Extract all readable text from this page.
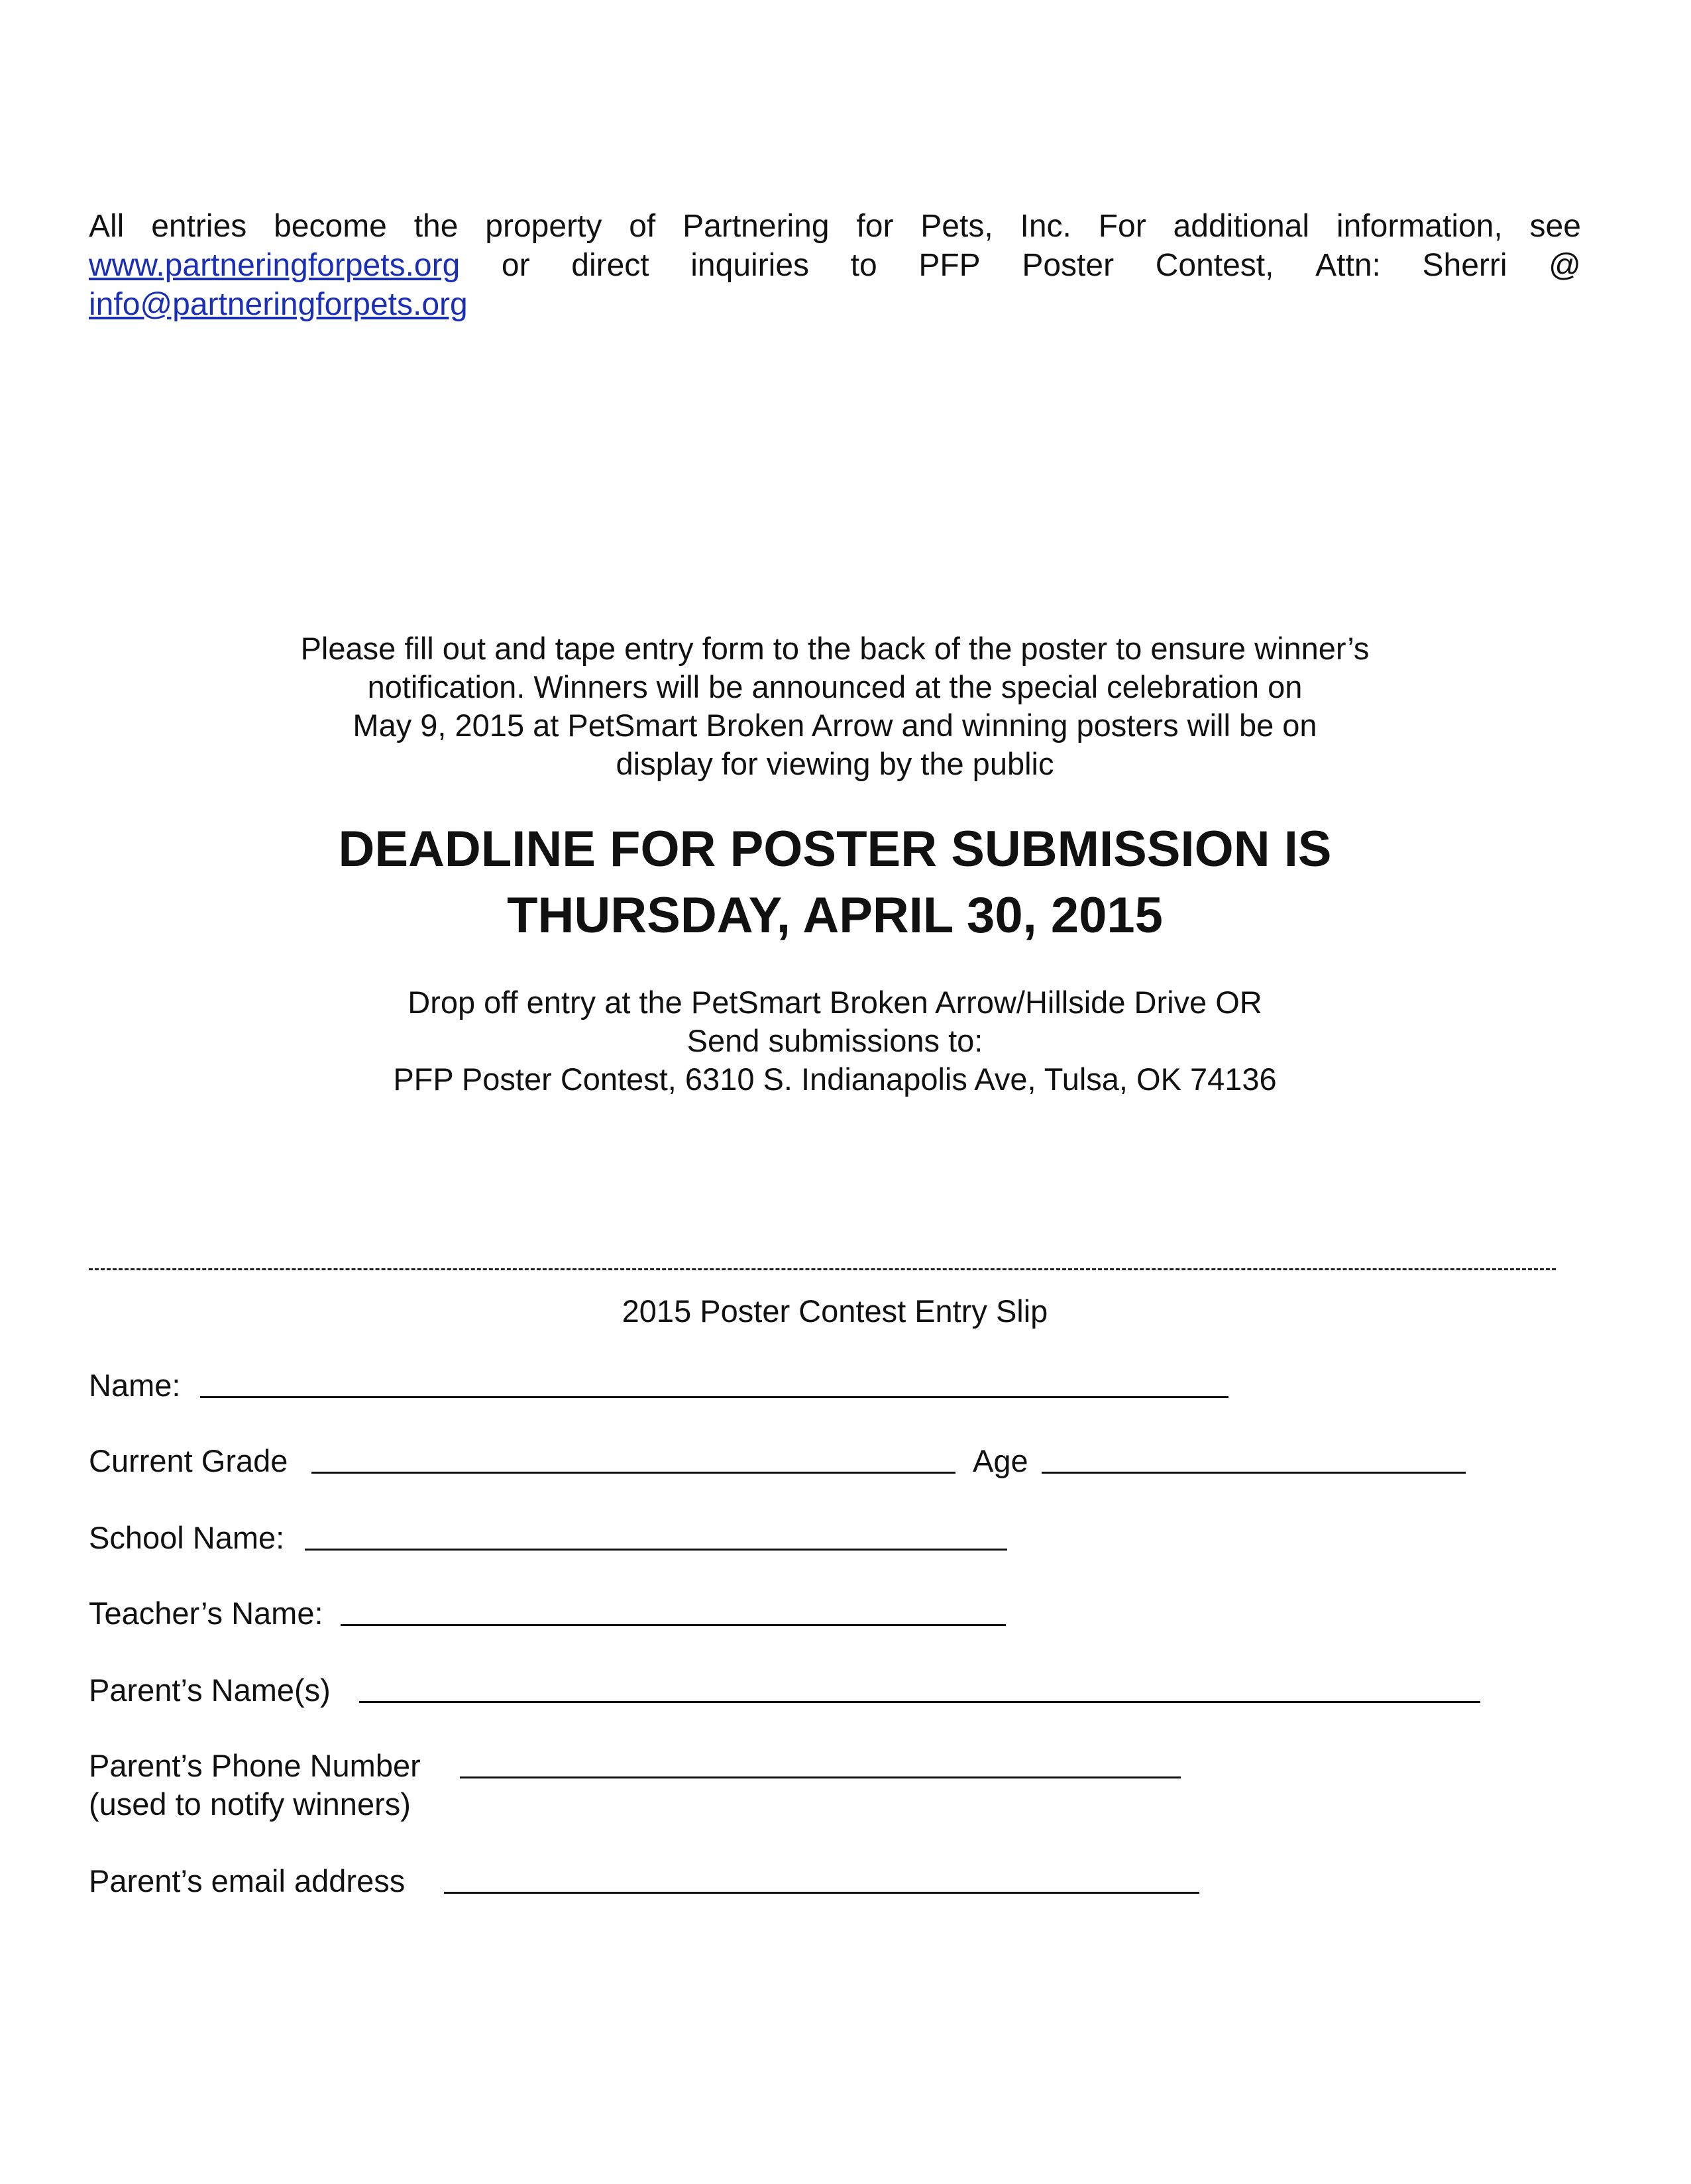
All entries become the property of Partnering for Pets, Inc. For additional information, see
www.partneringforpets.org or direct inquiries to PFP Poster Contest, Attn: Sherri @
info@partneringforpets.org
Please fill out and tape entry form to the back of the poster to ensure winner’s
notification. Winners will be announced at the special celebration on
May 9, 2015 at PetSmart Broken Arrow and winning posters will be on
display for viewing by the public
DEADLINE FOR POSTER SUBMISSION IS
THURSDAY, APRIL 30, 2015
Drop off entry at the PetSmart Broken Arrow/Hillside Drive OR
Send submissions to:
PFP Poster Contest, 6310 S. Indianapolis Ave, Tulsa, OK 74136
2015 Poster Contest Entry Slip
Name:
Current Grade	Age
School Name:
Teacher’s Name:
Parent’s Name(s)
Parent’s Phone Number
(used to notify winners)
Parent’s email address
